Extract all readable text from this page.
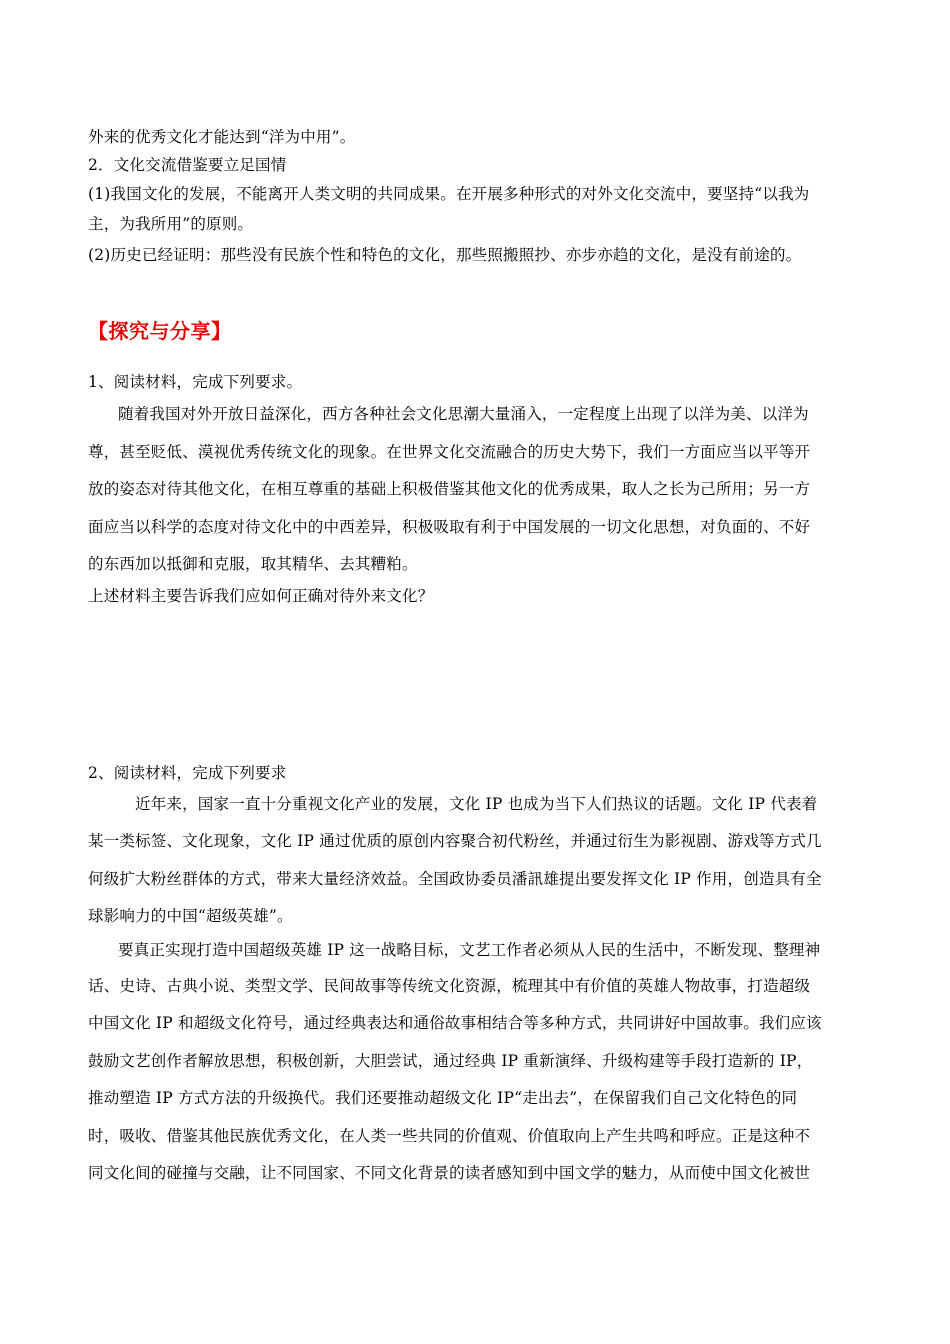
外来的优秀文化才能达到“洋为中用”。
2．文化交流借鉴要立足国情
(1)我国文化的发展，不能离开人类文明的共同成果。在开展多种形式的对外文化交流中，要坚持“以我为
主，为我所用”的原则。
(2)历史已经证明：那些没有民族个性和特色的文化，那些照搬照抄、亦步亦趋的文化，是没有前途的。
【探究与分享】
1、阅读材料，完成下列要求。
随着我国对外开放日益深化，西方各种社会文化思潮大量涌入，一定程度上出现了以洋为美、以洋为
尊，甚至贬低、漠视优秀传统文化的现象。在世界文化交流融合的历史大势下，我们一方面应当以平等开
放的姿态对待其他文化，在相互尊重的基础上积极借鉴其他文化的优秀成果，取人之长为己所用；另一方
面应当以科学的态度对待文化中的中西差异，积极吸取有利于中国发展的一切文化思想，对负面的、不好
的东西加以抵御和克服，取其精华、去其糟粕。
上述材料主要告诉我们应如何正确对待外来文化？
2、阅读材料，完成下列要求
近年来，国家一直十分重视文化产业的发展，文化 IP 也成为当下人们热议的话题。文化 IP 代表着
某一类标签、文化现象，文化 IP 通过优质的原创内容聚合初代粉丝，并通过衍生为影视剧、游戏等方式几
何级扩大粉丝群体的方式，带来大量经济效益。全国政协委员潘訊雄提出要发挥文化 IP 作用，创造具有全
球影响力的中国“超级英雄”。
要真正实现打造中国超级英雄 IP 这一战略目标，文艺工作者必须从人民的生活中，不断发现、整理神
话、史诗、古典小说、类型文学、民间故事等传统文化资源，梳理其中有价值的英雄人物故事，打造超级
中国文化 IP 和超级文化符号，通过经典表达和通俗故事相结合等多种方式，共同讲好中国故事。我们应该
鼓励文艺创作者解放思想，积极创新，大胆尝试，通过经典 IP 重新演绎、升级构建等手段打造新的 IP，
推动塑造 IP 方式方法的升级换代。我们还要推动超级文化 IP“走出去”，在保留我们自己文化特色的同
时，吸收、借鉴其他民族优秀文化，在人类一些共同的价值观、价值取向上产生共鸣和呼应。正是这种不
同文化间的碰撞与交融，让不同国家、不同文化背景的读者感知到中国文学的魅力，从而使中国文化被世
